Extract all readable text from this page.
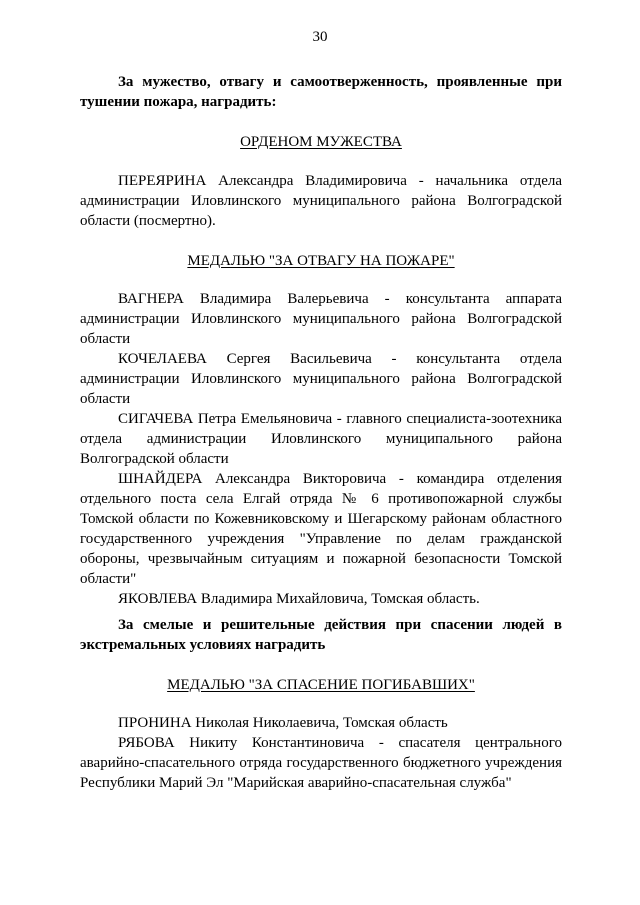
30

За мужество, отвагу и самоотверженность, проявленные при тушении пожара, наградить:

ОРДЕНОМ МУЖЕСТВА

ПЕРЕЯРИНА Александра Владимировича - начальника отдела администрации Иловлинского муниципального района Волгоградской области (посмертно).

МЕДАЛЬЮ "ЗА ОТВАГУ НА ПОЖАРЕ"

ВАГНЕРА Владимира Валерьевича - консультанта аппарата администрации Иловлинского муниципального района Волгоградской области

КОЧЕЛАЕВА Сергея Васильевича - консультанта отдела администрации Иловлинского муниципального района Волгоградской области

СИГАЧЕВА Петра Емельяновича - главного специалиста-зоотехника отдела администрации Иловлинского муниципального района Волгоградской области

ШНАЙДЕРА Александра Викторовича - командира отделения отдельного поста села Елгай отряда № 6 противопожарной службы Томской области по Кожевниковскому и Шегарскому районам областного государственного учреждения "Управление по делам гражданской обороны, чрезвычайным ситуациям и пожарной безопасности Томской области"

ЯКОВЛЕВА Владимира Михайловича, Томская область.

За смелые и решительные действия при спасении людей в экстремальных условиях наградить

МЕДАЛЬЮ "ЗА СПАСЕНИЕ ПОГИБАВШИХ"

ПРОНИНА Николая Николаевича, Томская область

РЯБОВА Никиту Константиновича - спасателя центрального аварийно-спасательного отряда государственного бюджетного учреждения Республики Марий Эл "Марийская аварийно-спасательная служба"
